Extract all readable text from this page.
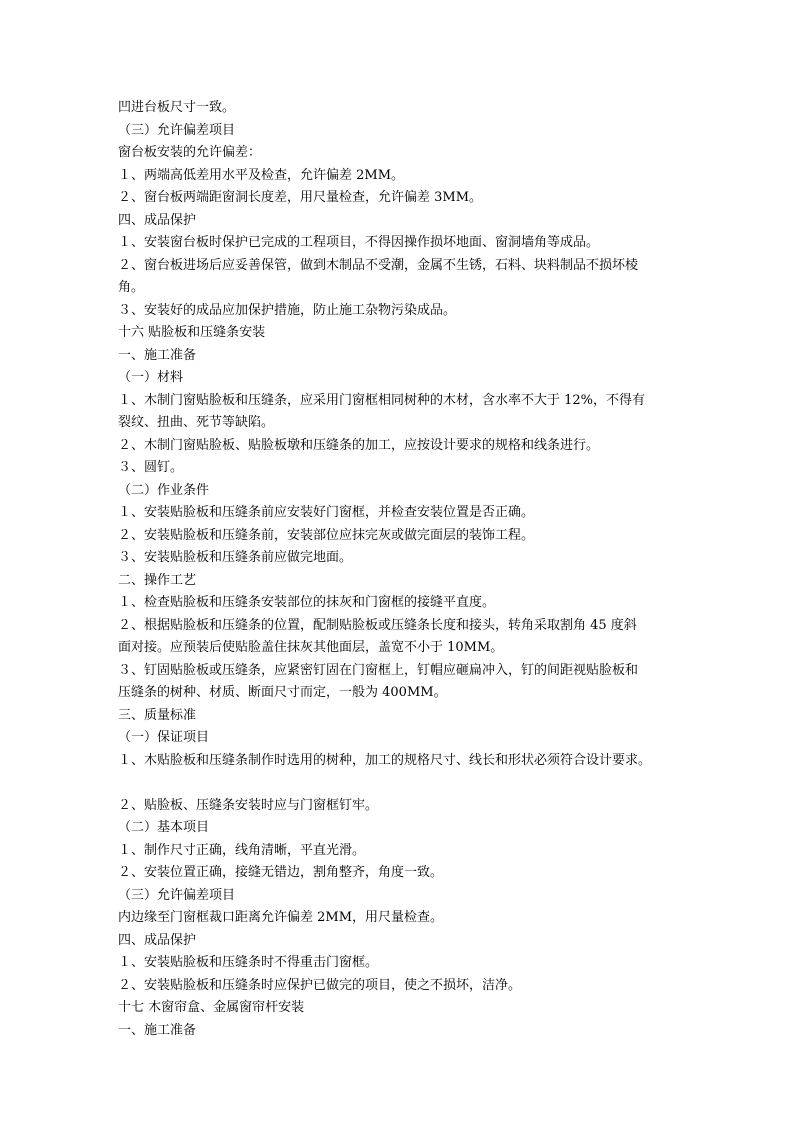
凹进台板尺寸一致。

（三）允许偏差项目

窗台板安装的允许偏差：

１、两端高低差用水平及检查，允许偏差 2MM。

２、窗台板两端距窗洞长度差，用尺量检查，允许偏差 3MM。

四、成品保护

１、安装窗台板时保护已完成的工程项目，不得因操作损坏地面、窗洞墙角等成品。

２、窗台板进场后应妥善保管，做到木制品不受潮，金属不生锈，石料、块料制品不损坏棱

角。

３、安装好的成品应加保护措施，防止施工杂物污染成品。

十六 贴脸板和压缝条安装

一、施工准备

（一）材料

１、木制门窗贴脸板和压缝条，应采用门窗框相同树种的木材，含水率不大于 12%，不得有

裂纹、扭曲、死节等缺陷。

２、木制门窗贴脸板、贴脸板墩和压缝条的加工，应按设计要求的规格和线条进行。

３、圆钉。

（二）作业条件

１、安装贴脸板和压缝条前应安装好门窗框，并检查安装位置是否正确。

２、安装贴脸板和压缝条前，安装部位应抹完灰或做完面层的装饰工程。

３、安装贴脸板和压缝条前应做完地面。

二、操作工艺

１、检查贴脸板和压缝条安装部位的抹灰和门窗框的接缝平直度。

２、根据贴脸板和压缝条的位置，配制贴脸板或压缝条长度和接头，转角采取割角 45 度斜

面对接。应预装后使贴脸盖住抹灰其他面层，盖宽不小于 10MM。

３、钉固贴脸板或压缝条，应紧密钉固在门窗框上，钉帽应砸扁冲入，钉的间距视贴脸板和

压缝条的树种、材质、断面尺寸而定，一般为 400MM。

三、质量标准

（一）保证项目

１、木贴脸板和压缝条制作时选用的树种，加工的规格尺寸、线长和形状必须符合设计要求。

２、贴脸板、压缝条安装时应与门窗框钉牢。

（二）基本项目

１、制作尺寸正确，线角清晰，平直光滑。

２、安装位置正确，接缝无错边，割角整齐，角度一致。

（三）允许偏差项目

内边缘至门窗框裁口距离允许偏差 2MM，用尺量检查。

四、成品保护

１、安装贴脸板和压缝条时不得重击门窗框。

２、安装贴脸板和压缝条时应保护已做完的项目，使之不损坏，洁净。

十七 木窗帘盒、金属窗帘杆安装

一、施工准备
